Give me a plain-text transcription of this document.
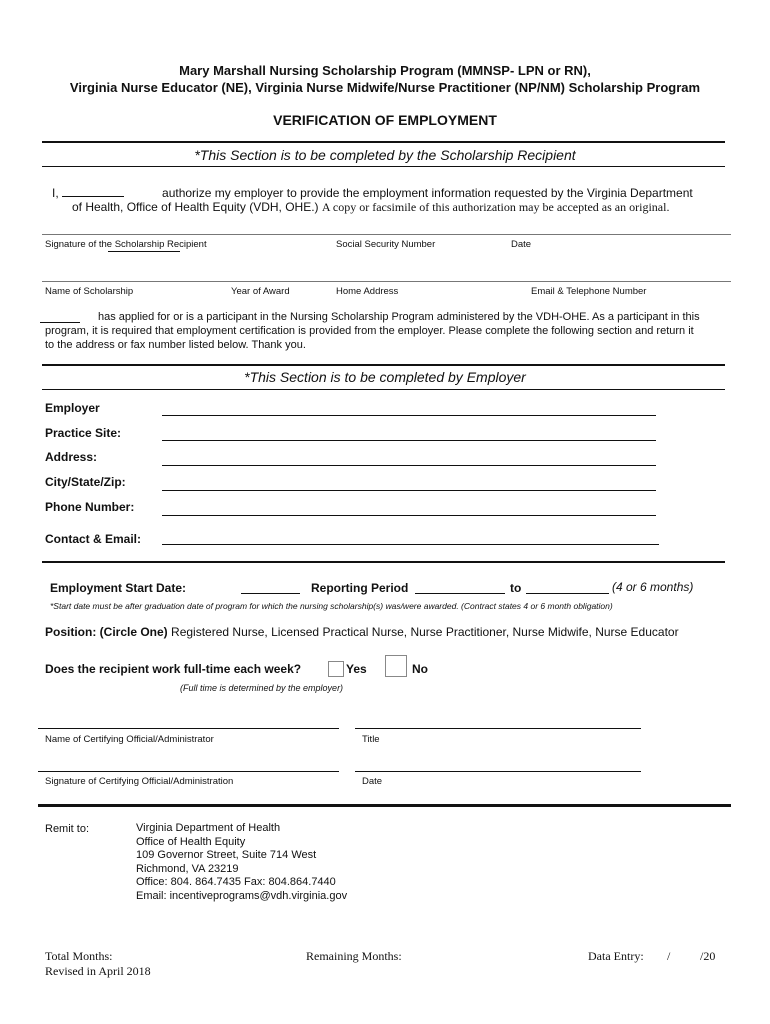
Mary Marshall Nursing Scholarship Program (MMNSP- LPN or RN),
Virginia Nurse Educator (NE), Virginia Nurse Midwife/Nurse Practitioner (NP/NM) Scholarship Program
VERIFICATION OF EMPLOYMENT
*This Section is to be completed by the Scholarship Recipient
I,	authorize my employer to provide the employment information requested by the Virginia Department
of Health, Office of Health Equity (VDH, OHE.) A copy or facsimile of this authorization may be accepted as an original.
Signature of the Scholarship Recipient	Social Security Number	Date
Name of Scholarship	Year of Award	Home Address	Email & Telephone Number
has applied for or is a participant in the Nursing Scholarship Program administered by the VDH-OHE. As a participant in this
program, it is required that employment certification is provided from the employer. Please complete the following section and return it
to the address or fax number listed below. Thank you.
*This Section is to be completed by Employer
Employer
Practice Site:
Address:
City/State/Zip:
Phone Number:
Contact & Email:
Employment Start Date:	Reporting Period	to	(4 or 6 months)
*Start date must be after graduation date of program for which the nursing scholarship(s) was/were awarded. (Contract states 4 or 6 month obligation)
Position: (Circle One) Registered Nurse, Licensed Practical Nurse, Nurse Practitioner, Nurse Midwife, Nurse Educator
Does the recipient work full-time each week?	Yes	No
(Full time is determined by the employer)
Name of Certifying Official/Administrator	Title
Signature of Certifying Official/Administration	Date
Remit to:	Virginia Department of Health
Office of Health Equity
109 Governor Street, Suite 714 West
Richmond, VA 23219
Office: 804. 864.7435 Fax: 804.864.7440
Email: incentiveprograms@vdh.virginia.gov
Total Months:
Revised in April 2018
Remaining Months:	Data Entry: / /20
